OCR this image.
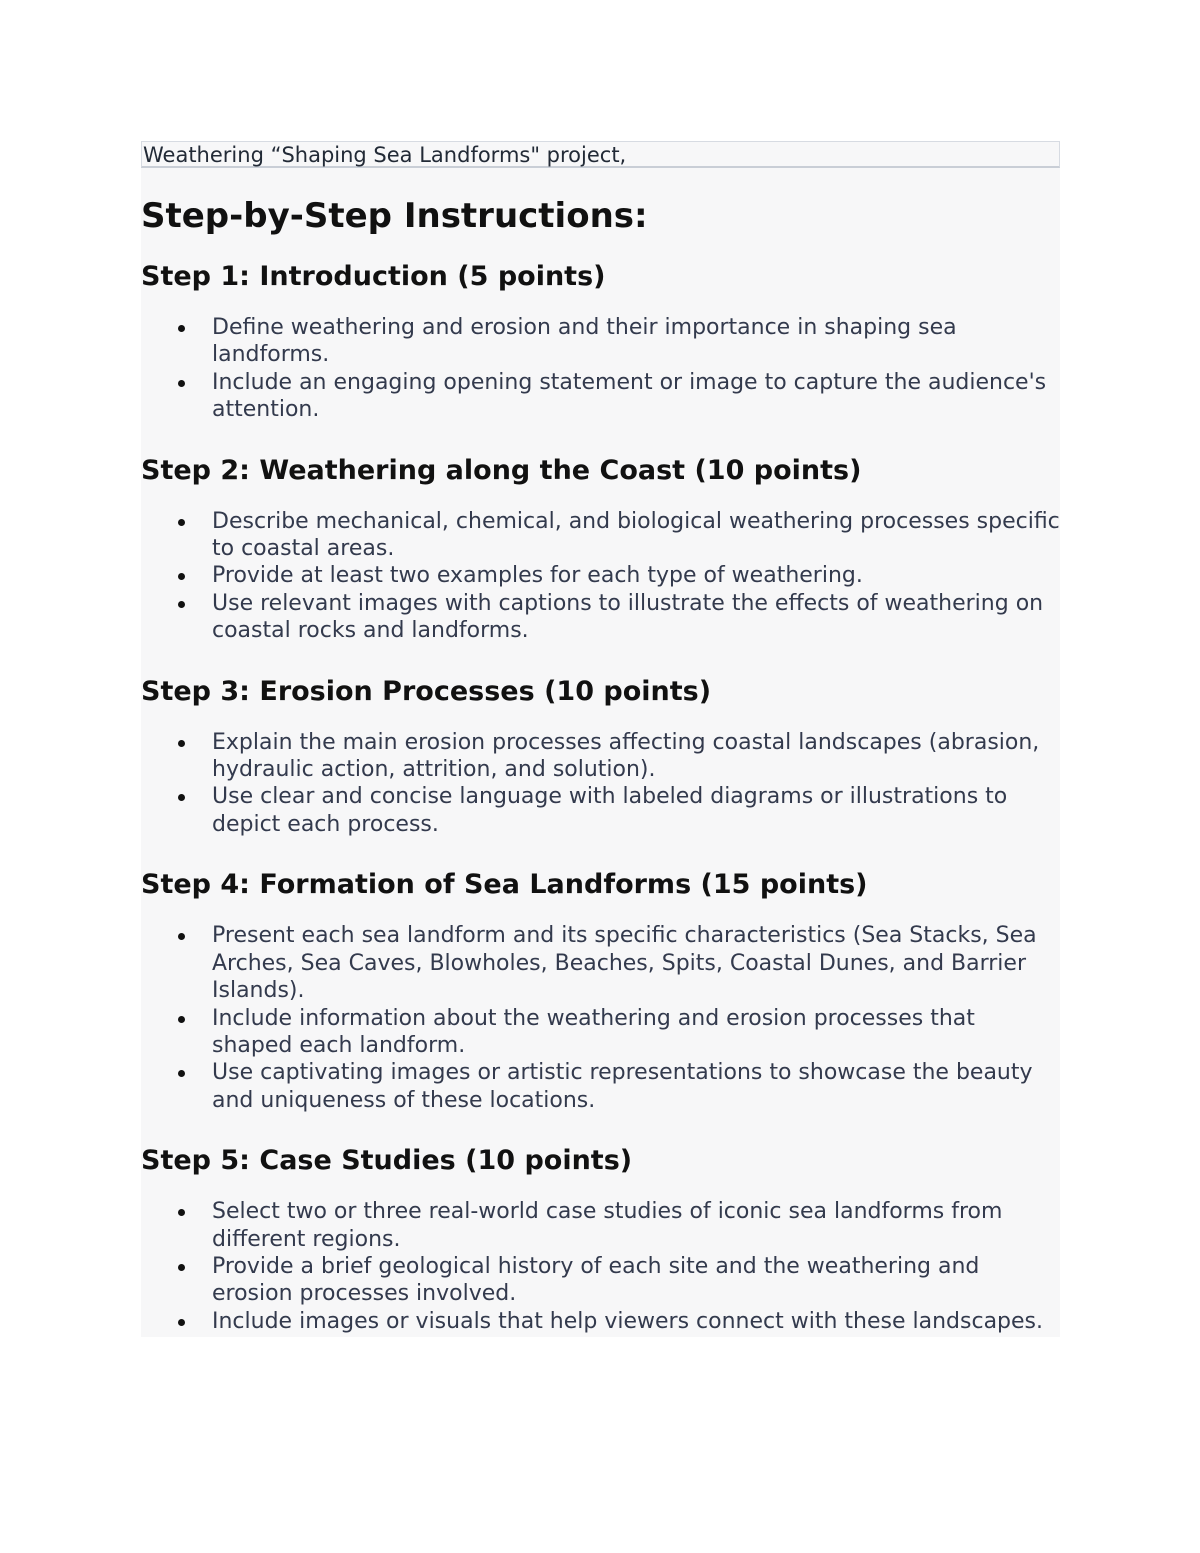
Weathering “Shaping Sea Landforms" project,
Step-by-Step Instructions:
Step 1: Introduction (5 points)
Define weathering and erosion and their importance in shaping sea landforms.
Include an engaging opening statement or image to capture the audience's attention.
Step 2: Weathering along the Coast (10 points)
Describe mechanical, chemical, and biological weathering processes specific to coastal areas.
Provide at least two examples for each type of weathering.
Use relevant images with captions to illustrate the effects of weathering on coastal rocks and landforms.
Step 3: Erosion Processes (10 points)
Explain the main erosion processes affecting coastal landscapes (abrasion, hydraulic action, attrition, and solution).
Use clear and concise language with labeled diagrams or illustrations to depict each process.
Step 4: Formation of Sea Landforms (15 points)
Present each sea landform and its specific characteristics (Sea Stacks, Sea Arches, Sea Caves, Blowholes, Beaches, Spits, Coastal Dunes, and Barrier Islands).
Include information about the weathering and erosion processes that shaped each landform.
Use captivating images or artistic representations to showcase the beauty and uniqueness of these locations.
Step 5: Case Studies (10 points)
Select two or three real-world case studies of iconic sea landforms from different regions.
Provide a brief geological history of each site and the weathering and erosion processes involved.
Include images or visuals that help viewers connect with these landscapes.
